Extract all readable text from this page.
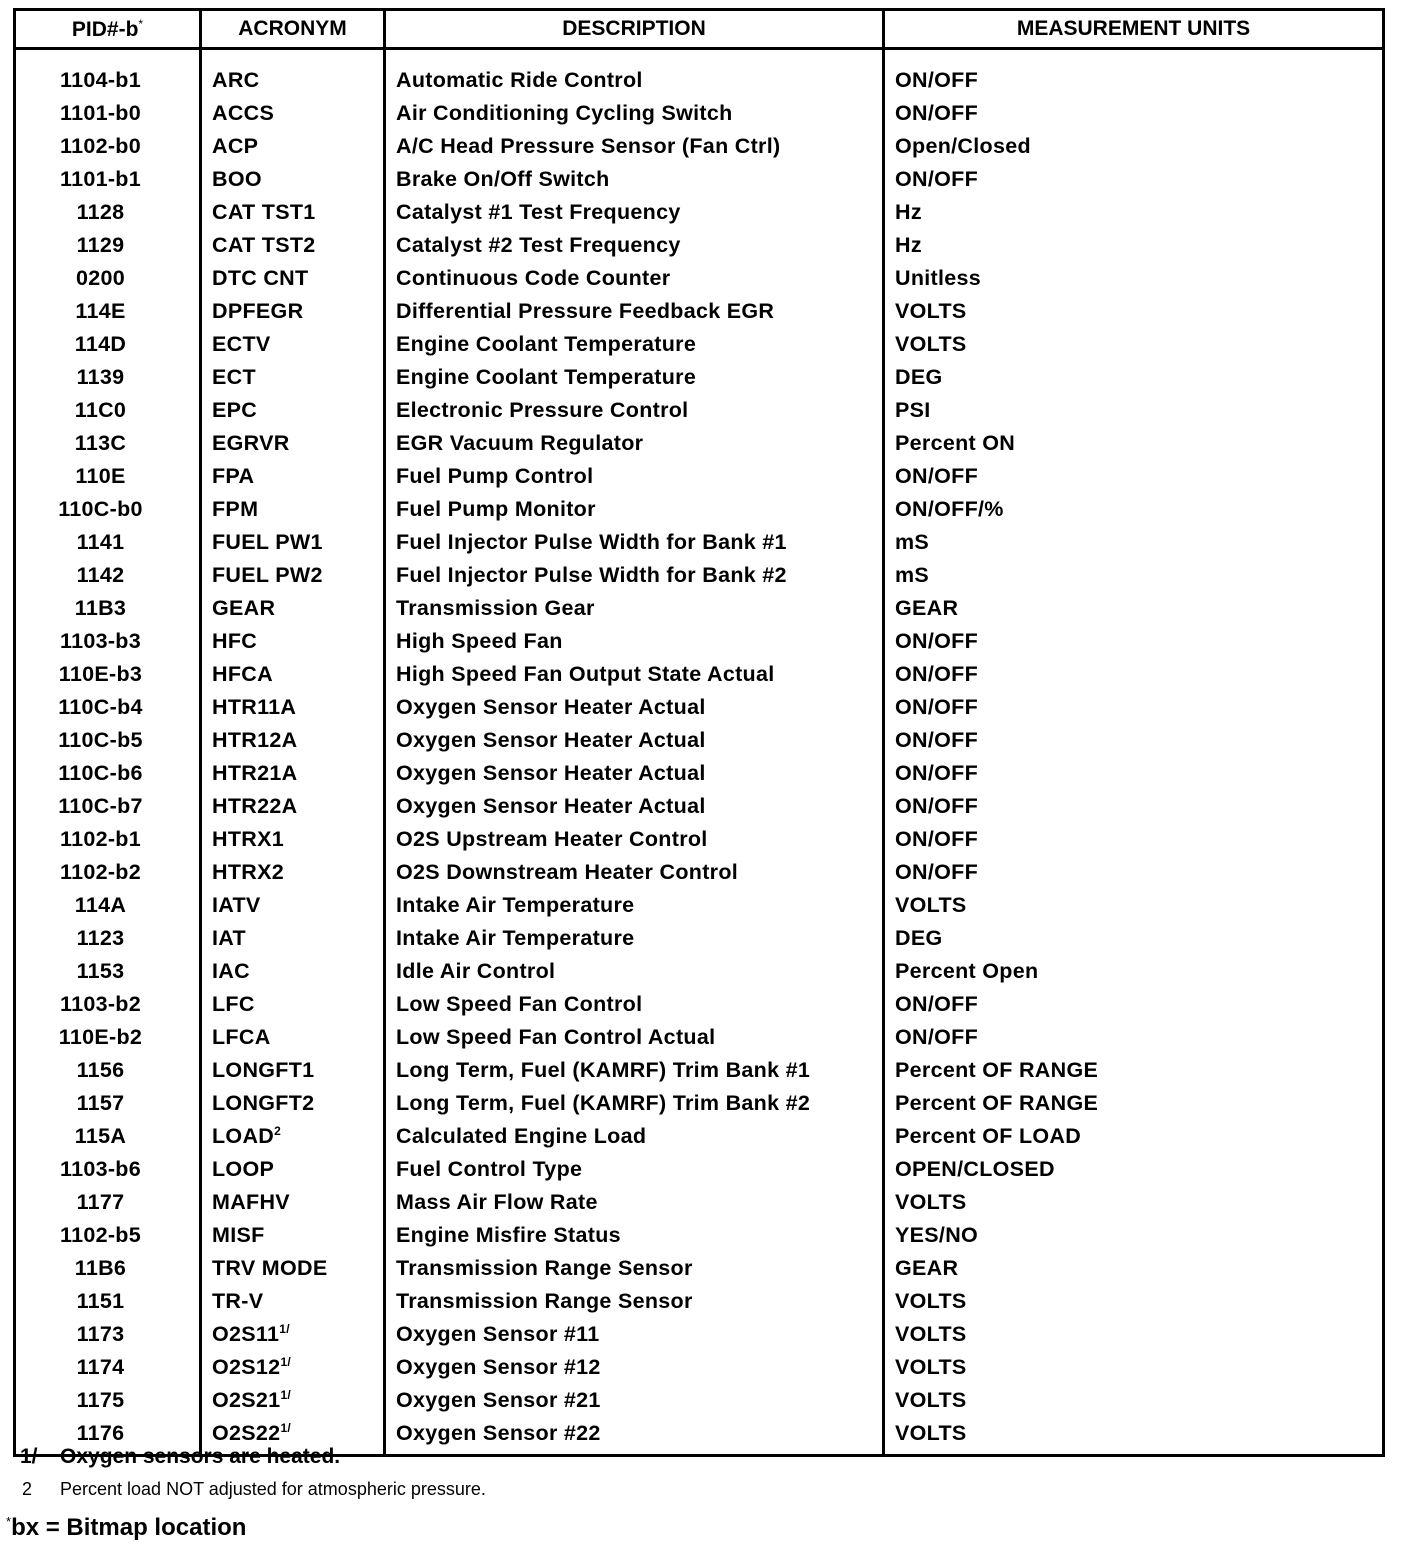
PID#-b*	ACRONYM	DESCRIPTION	MEASUREMENT UNITS
1104-b1	ARC	Automatic Ride Control	ON/OFF
1101-b0	ACCS	Air Conditioning Cycling Switch	ON/OFF
1102-b0	ACP	A/C Head Pressure Sensor (Fan Ctrl)	Open/Closed
1101-b1	BOO	Brake On/Off Switch	ON/OFF
1128	CAT TST1	Catalyst #1 Test Frequency	Hz
1129	CAT TST2	Catalyst #2 Test Frequency	Hz
0200	DTC CNT	Continuous Code Counter	Unitless
114E	DPFEGR	Differential Pressure Feedback EGR	VOLTS
114D	ECTV	Engine Coolant Temperature	VOLTS
1139	ECT	Engine Coolant Temperature	DEG
11C0	EPC	Electronic Pressure Control	PSI
113C	EGRVR	EGR Vacuum Regulator	Percent ON
110E	FPA	Fuel Pump Control	ON/OFF
110C-b0	FPM	Fuel Pump Monitor	ON/OFF/%
1141	FUEL PW1	Fuel Injector Pulse Width for Bank #1	mS
1142	FUEL PW2	Fuel Injector Pulse Width for Bank #2	mS
11B3	GEAR	Transmission Gear	GEAR
1103-b3	HFC	High Speed Fan	ON/OFF
110E-b3	HFCA	High Speed Fan Output State Actual	ON/OFF
110C-b4	HTR11A	Oxygen Sensor Heater Actual	ON/OFF
110C-b5	HTR12A	Oxygen Sensor Heater Actual	ON/OFF
110C-b6	HTR21A	Oxygen Sensor Heater Actual	ON/OFF
110C-b7	HTR22A	Oxygen Sensor Heater Actual	ON/OFF
1102-b1	HTRX1	O2S Upstream Heater Control	ON/OFF
1102-b2	HTRX2	O2S Downstream Heater Control	ON/OFF
114A	IATV	Intake Air Temperature	VOLTS
1123	IAT	Intake Air Temperature	DEG
1153	IAC	Idle Air Control	Percent Open
1103-b2	LFC	Low Speed Fan Control	ON/OFF
110E-b2	LFCA	Low Speed Fan Control Actual	ON/OFF
1156	LONGFT1	Long Term, Fuel (KAMRF) Trim Bank #1	Percent OF RANGE
1157	LONGFT2	Long Term, Fuel (KAMRF) Trim Bank #2	Percent OF RANGE
115A	LOAD$^2$	Calculated Engine Load	Percent OF LOAD
1103-b6	LOOP	Fuel Control Type	OPEN/CLOSED
1177	MAFHV	Mass Air Flow Rate	VOLTS
1102-b5	MISF	Engine Misfire Status	YES/NO
11B6	TRV MODE	Transmission Range Sensor	GEAR
1151	TR-V	Transmission Range Sensor	VOLTS
1173	O2S11$^{1/}$	Oxygen Sensor #11	VOLTS
1174	O2S12$^{1/}$	Oxygen Sensor #12	VOLTS
1175	O2S21$^{1/}$	Oxygen Sensor #21	VOLTS
1176	O2S22$^{1/}$	Oxygen Sensor #22	VOLTS
1/ Oxygen sensors are heated.
2 Percent load NOT adjusted for atmospheric pressure.
*bx = Bitmap location
